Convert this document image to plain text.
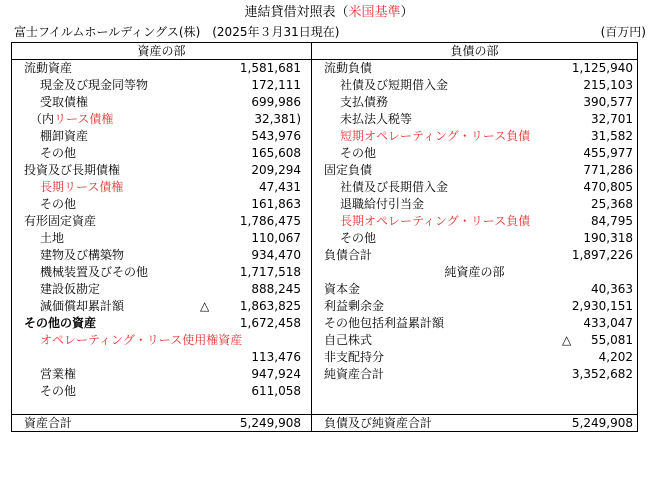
連結貸借対照表（米国基準）
富士フイルムホールディングス(株)　(2025年３月31日現在)	(百万円)
資産の部
流動資産	1,581,681
現金及び現金同等物	172,111
受取債権	699,986
（内リース債権	32,381)
棚卸資産	543,976
その他	165,608
投資及び長期債権	209,294
長期リース債権	47,431
その他	161,863
有形固定資産	1,786,475
土地	110,067
建物及び構築物	934,470
機械装置及びその他	1,717,518
建設仮勘定	888,245
減価償却累計額	△	1,863,825
その他の資産	1,672,458
オペレーティング・リース使用権資産
113,476
営業権	947,924
その他	611,058
資産合計	5,249,908
負債の部
流動負債	1,125,940
社債及び短期借入金	215,103
支払債務	390,577
未払法人税等	32,701
短期オペレーティング・リース負債	31,582
その他	455,977
固定負債	771,286
社債及び長期借入金	470,805
退職給付引当金	25,368
長期オペレーティング・リース負債	84,795
その他	190,318
負債合計	1,897,226
純資産の部
資本金	40,363
利益剰余金	2,930,151
その他包括利益累計額	433,047
自己株式	△ 55,081
非支配持分	4,202
純資産合計	3,352,682
負債及び純資産合計	5,249,908
